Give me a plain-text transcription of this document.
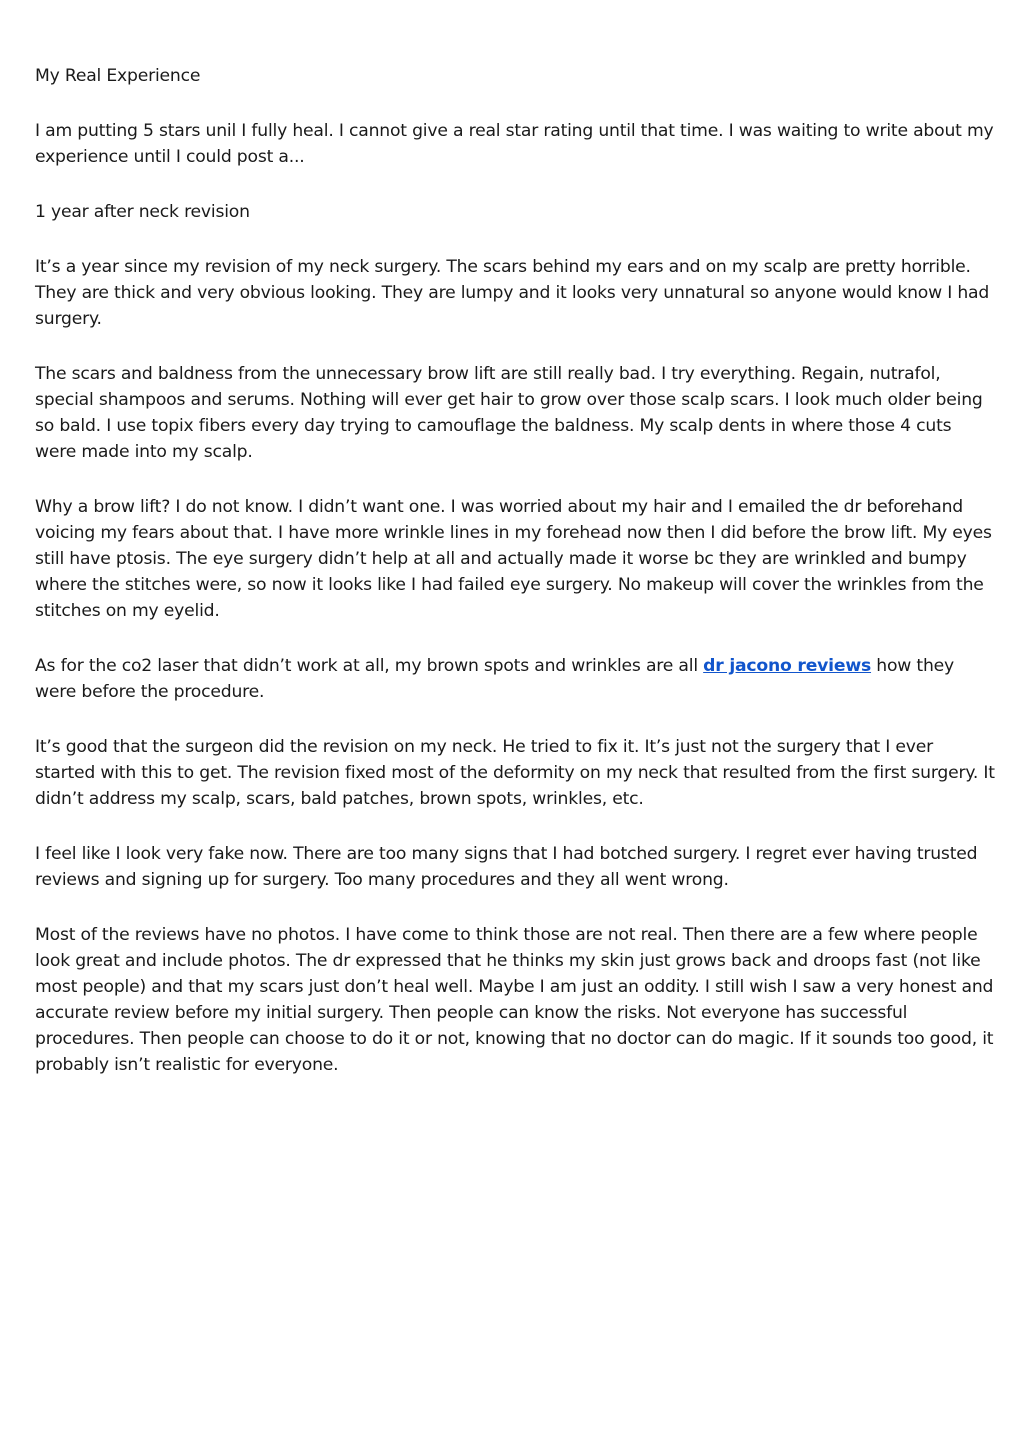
My Real Experience

I am putting 5 stars unil I fully heal. I cannot give a real star rating until that time. I was waiting to write about my experience until I could post a...

1 year after neck revision

It’s a year since my revision of my neck surgery. The scars behind my ears and on my scalp are pretty horrible. They are thick and very obvious looking. They are lumpy and it looks very unnatural so anyone would know I had surgery.

The scars and baldness from the unnecessary brow lift are still really bad. I try everything. Regain, nutrafol, special shampoos and serums. Nothing will ever get hair to grow over those scalp scars. I look much older being so bald. I use topix fibers every day trying to camouflage the baldness. My scalp dents in where those 4 cuts were made into my scalp.

Why a brow lift? I do not know. I didn’t want one. I was worried about my hair and I emailed the dr beforehand voicing my fears about that. I have more wrinkle lines in my forehead now then I did before the brow lift. My eyes still have ptosis. The eye surgery didn’t help at all and actually made it worse bc they are wrinkled and bumpy where the stitches were, so now it looks like I had failed eye surgery. No makeup will cover the wrinkles from the stitches on my eyelid.

As for the co2 laser that didn’t work at all, my brown spots and wrinkles are all dr jacono reviews how they were before the procedure.

It’s good that the surgeon did the revision on my neck. He tried to fix it. It’s just not the surgery that I ever started with this to get. The revision fixed most of the deformity on my neck that resulted from the first surgery. It didn’t address my scalp, scars, bald patches, brown spots, wrinkles, etc.

I feel like I look very fake now. There are too many signs that I had botched surgery. I regret ever having trusted reviews and signing up for surgery. Too many procedures and they all went wrong.

Most of the reviews have no photos. I have come to think those are not real. Then there are a few where people look great and include photos. The dr expressed that he thinks my skin just grows back and droops fast (not like most people) and that my scars just don’t heal well. Maybe I am just an oddity. I still wish I saw a very honest and accurate review before my initial surgery. Then people can know the risks. Not everyone has successful procedures. Then people can choose to do it or not, knowing that no doctor can do magic. If it sounds too good, it probably isn’t realistic for everyone.
